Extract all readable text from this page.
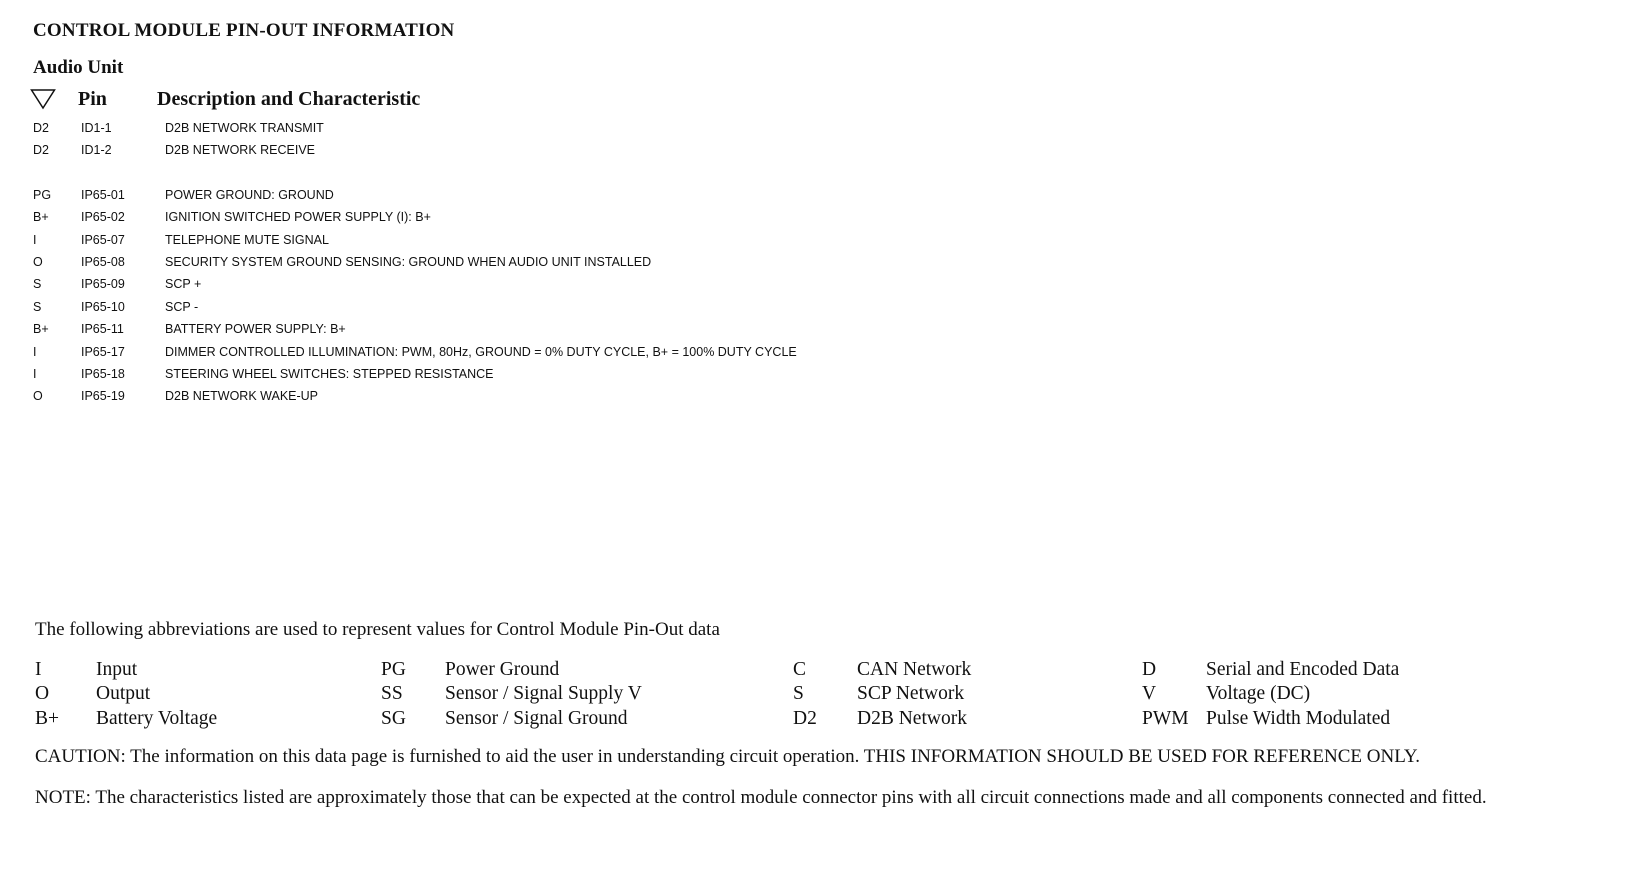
CONTROL MODULE PIN-OUT INFORMATION
Audio Unit
Pin	Description and Characteristic
D2	ID1-1	D2B NETWORK TRANSMIT
D2	ID1-2	D2B NETWORK RECEIVE
PG IP65-01	POWER GROUND: GROUND
B+	IP65-02	IGNITION SWITCHED POWER SUPPLY (I): B+
I	IP65-07	TELEPHONE MUTE SIGNAL
O	IP65-08	SECURITY SYSTEM GROUND SENSING: GROUND WHEN AUDIO UNIT INSTALLED
S	IP65-09	SCP +
S	IP65-10	SCP -
B+	IP65-11	BATTERY POWER SUPPLY: B+
I	IP65-17	DIMMER CONTROLLED ILLUMINATION: PWM, 80Hz, GROUND = 0% DUTY CYCLE, B+ = 100% DUTY CYCLE
I	IP65-18	STEERING WHEEL SWITCHES: STEPPED RESISTANCE
O	IP65-19	D2B NETWORK WAKE-UP
The following abbreviations are used to represent values for Control Module Pin-Out data
I	Input	PG Power Ground	C	CAN Network	D	Serial and Encoded Data
O Output	SS Sensor / Signal Supply V	S	SCP Network	V	Voltage (DC)
B+ Battery Voltage	SG Sensor / Signal Ground	D2 D2B Network	PWM Pulse Width Modulated
CAUTION: The information on this data page is furnished to aid the user in understanding circuit operation. THIS INFORMATION SHOULD BE USED FOR REFERENCE ONLY.
NOTE: The characteristics listed are approximately those that can be expected at the control module connector pins with all circuit connections made and all components connected and fitted.
